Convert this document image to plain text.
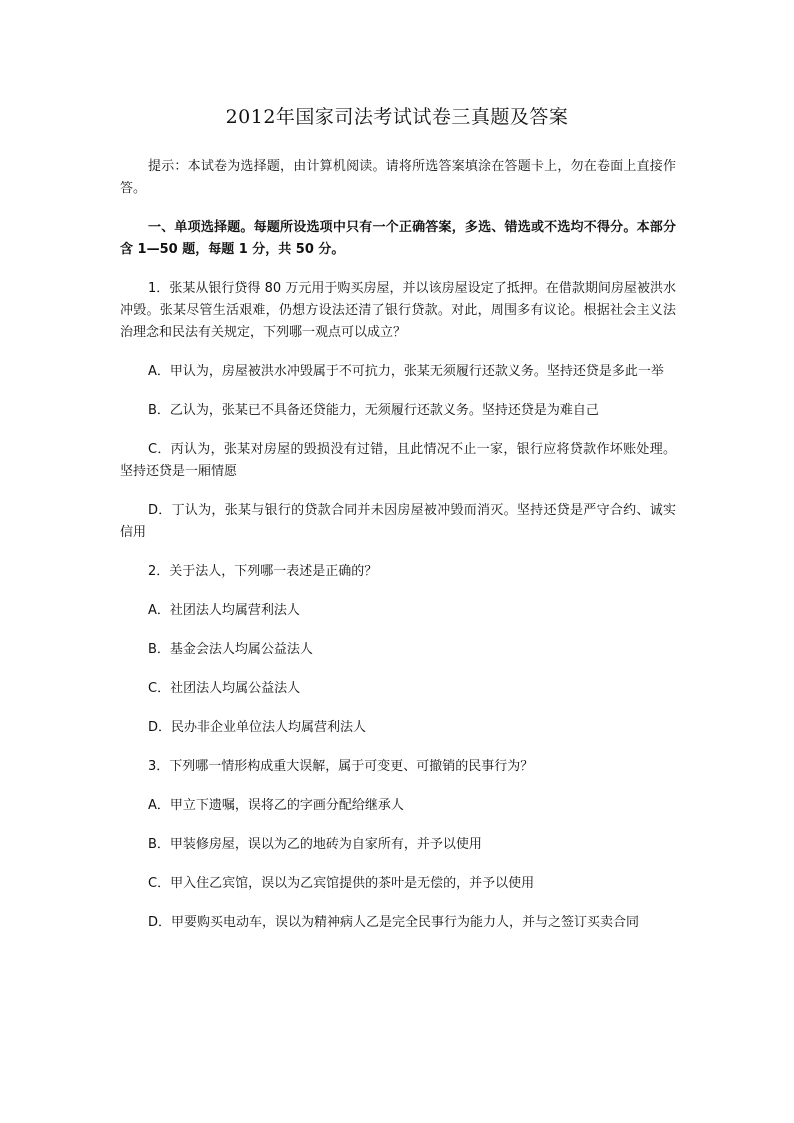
2012年国家司法考试试卷三真题及答案

提示：本试卷为选择题，由计算机阅读。请将所选答案填涂在答题卡上，勿在卷面上直接作答。

一、单项选择题。每题所设选项中只有一个正确答案，多选、错选或不选均不得分。本部分含 1—50 题，每题 1 分，共 50 分。

1．张某从银行贷得 80 万元用于购买房屋，并以该房屋设定了抵押。在借款期间房屋被洪水冲毁。张某尽管生活艰难，仍想方设法还清了银行贷款。对此，周围多有议论。根据社会主义法治理念和民法有关规定，下列哪一观点可以成立？

A．甲认为，房屋被洪水冲毁属于不可抗力，张某无须履行还款义务。坚持还贷是多此一举

B．乙认为，张某已不具备还贷能力，无须履行还款义务。坚持还贷是为难自己

C．丙认为，张某对房屋的毁损没有过错，且此情况不止一家，银行应将贷款作坏账处理。坚持还贷是一厢情愿

D．丁认为，张某与银行的贷款合同并未因房屋被冲毁而消灭。坚持还贷是严守合约、诚实信用

2．关于法人，下列哪一表述是正确的？

A．社团法人均属营利法人

B．基金会法人均属公益法人

C．社团法人均属公益法人

D．民办非企业单位法人均属营利法人

3．下列哪一情形构成重大误解，属于可变更、可撤销的民事行为？

A．甲立下遗嘱，误将乙的字画分配给继承人

B．甲装修房屋，误以为乙的地砖为自家所有，并予以使用

C．甲入住乙宾馆，误以为乙宾馆提供的茶叶是无偿的，并予以使用

D．甲要购买电动车，误以为精神病人乙是完全民事行为能力人，并与之签订买卖合同
